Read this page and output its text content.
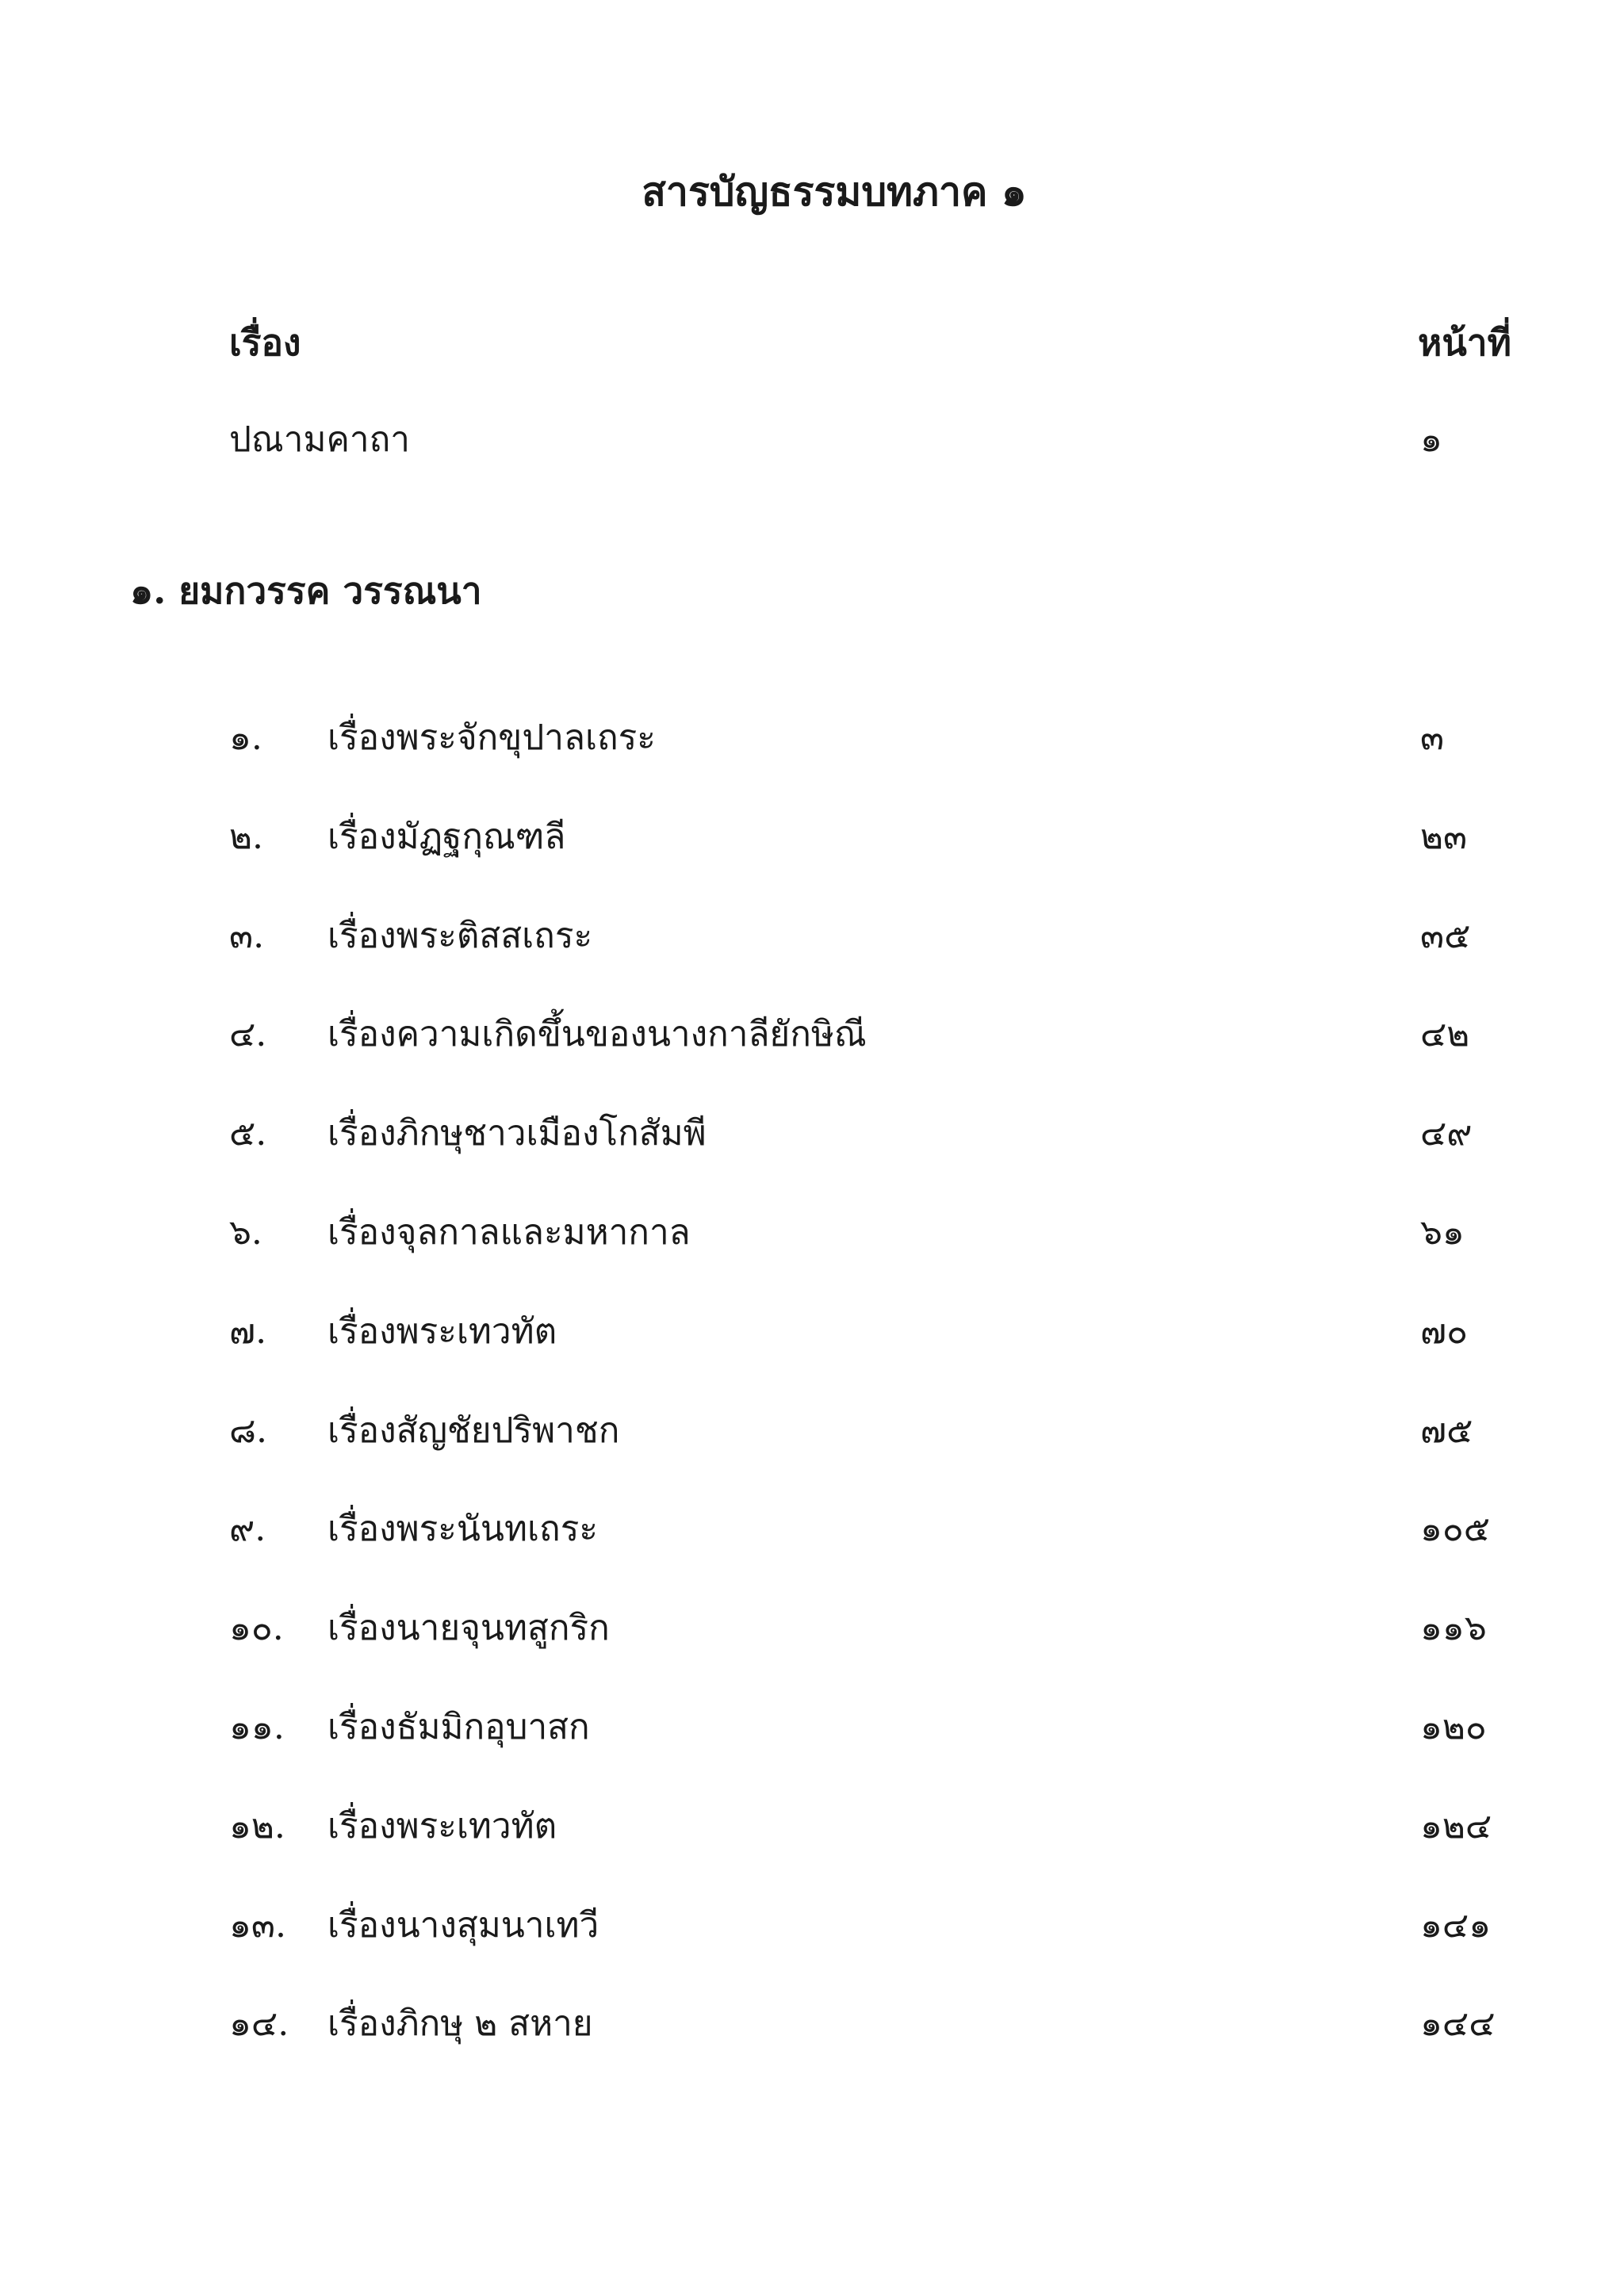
สารบัญธรรมบทภาค ๑
เรื่อง	หน้าที่
ปณามคาถา	๑
๑. ยมกวรรค วรรณนา
๑. เรื่องพระจักขุปาลเถระ	๓
๒. เรื่องมัฏฐกุณฑลี	๒๓
๓. เรื่องพระติสสเถระ	๓๕
๔. เรื่องความเกิดขึ้นของนางกาลียักษิณี	๔๒
๕. เรื่องภิกษุชาวเมืองโกสัมพี	๔๙
๖. เรื่องจุลกาลและมหากาล	๖๑
๗. เรื่องพระเทวทัต	๗๐
๘. เรื่องสัญชัยปริพาชก	๗๕
๙. เรื่องพระนันทเถระ	๑๐๕
๑๐. เรื่องนายจุนทสูกริก	๑๑๖
๑๑. เรื่องธัมมิกอุบาสก	๑๒๐
๑๒. เรื่องพระเทวทัต	๑๒๔
๑๓. เรื่องนางสุมนาเทวี	๑๔๑
๑๔. เรื่องภิกษุ ๒ สหาย	๑๔๔
